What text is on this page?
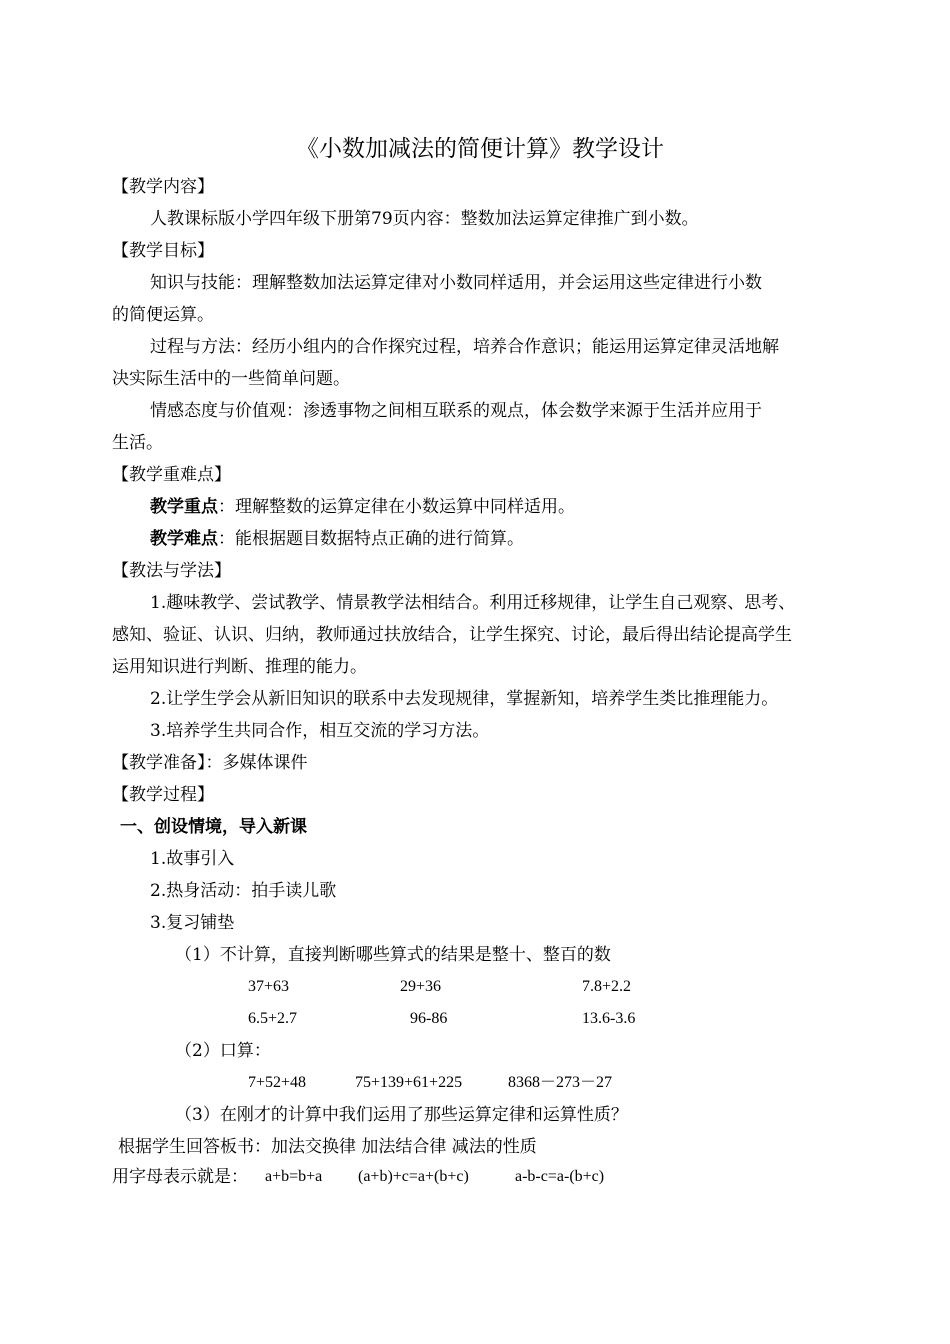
《小数加减法的简便计算》教学设计
【教学内容】
人教课标版小学四年级下册第79页内容：整数加法运算定律推广到小数。
【教学目标】
知识与技能：理解整数加法运算定律对小数同样适用，并会运用这些定律进行小数
的简便运算。
过程与方法：经历小组内的合作探究过程，培养合作意识；能运用运算定律灵活地解
决实际生活中的一些简单问题。
情感态度与价值观：渗透事物之间相互联系的观点，体会数学来源于生活并应用于
生活。
【教学重难点】
教学重点：理解整数的运算定律在小数运算中同样适用。
教学难点：能根据题目数据特点正确的进行简算。
【教法与学法】
1.趣味教学、尝试教学、情景教学法相结合。利用迁移规律，让学生自己观察、思考、
感知、验证、认识、归纳，教师通过扶放结合，让学生探究、讨论，最后得出结论提高学生
运用知识进行判断、推理的能力。
2.让学生学会从新旧知识的联系中去发现规律，掌握新知，培养学生类比推理能力。
3.培养学生共同合作，相互交流的学习方法。
【教学准备】：多媒体课件
【教学过程】
一、创设情境，导入新课
1.故事引入
2.热身活动：拍手读儿歌
3.复习铺垫
（1）不计算，直接判断哪些算式的结果是整十、整百的数
37+63	29+36	7.8+2.2
6.5+2.7	96-86	13.6-3.6
（2）口算：
7+52+48	75+139+61+225	8368－273－27
（3）在刚才的计算中我们运用了那些运算定律和运算性质？
根据学生回答板书：加法交换律 加法结合律 减法的性质
用字母表示就是： a+b=b+a (a+b)+c=a+(b+c)	a-b-c=a-(b+c)
